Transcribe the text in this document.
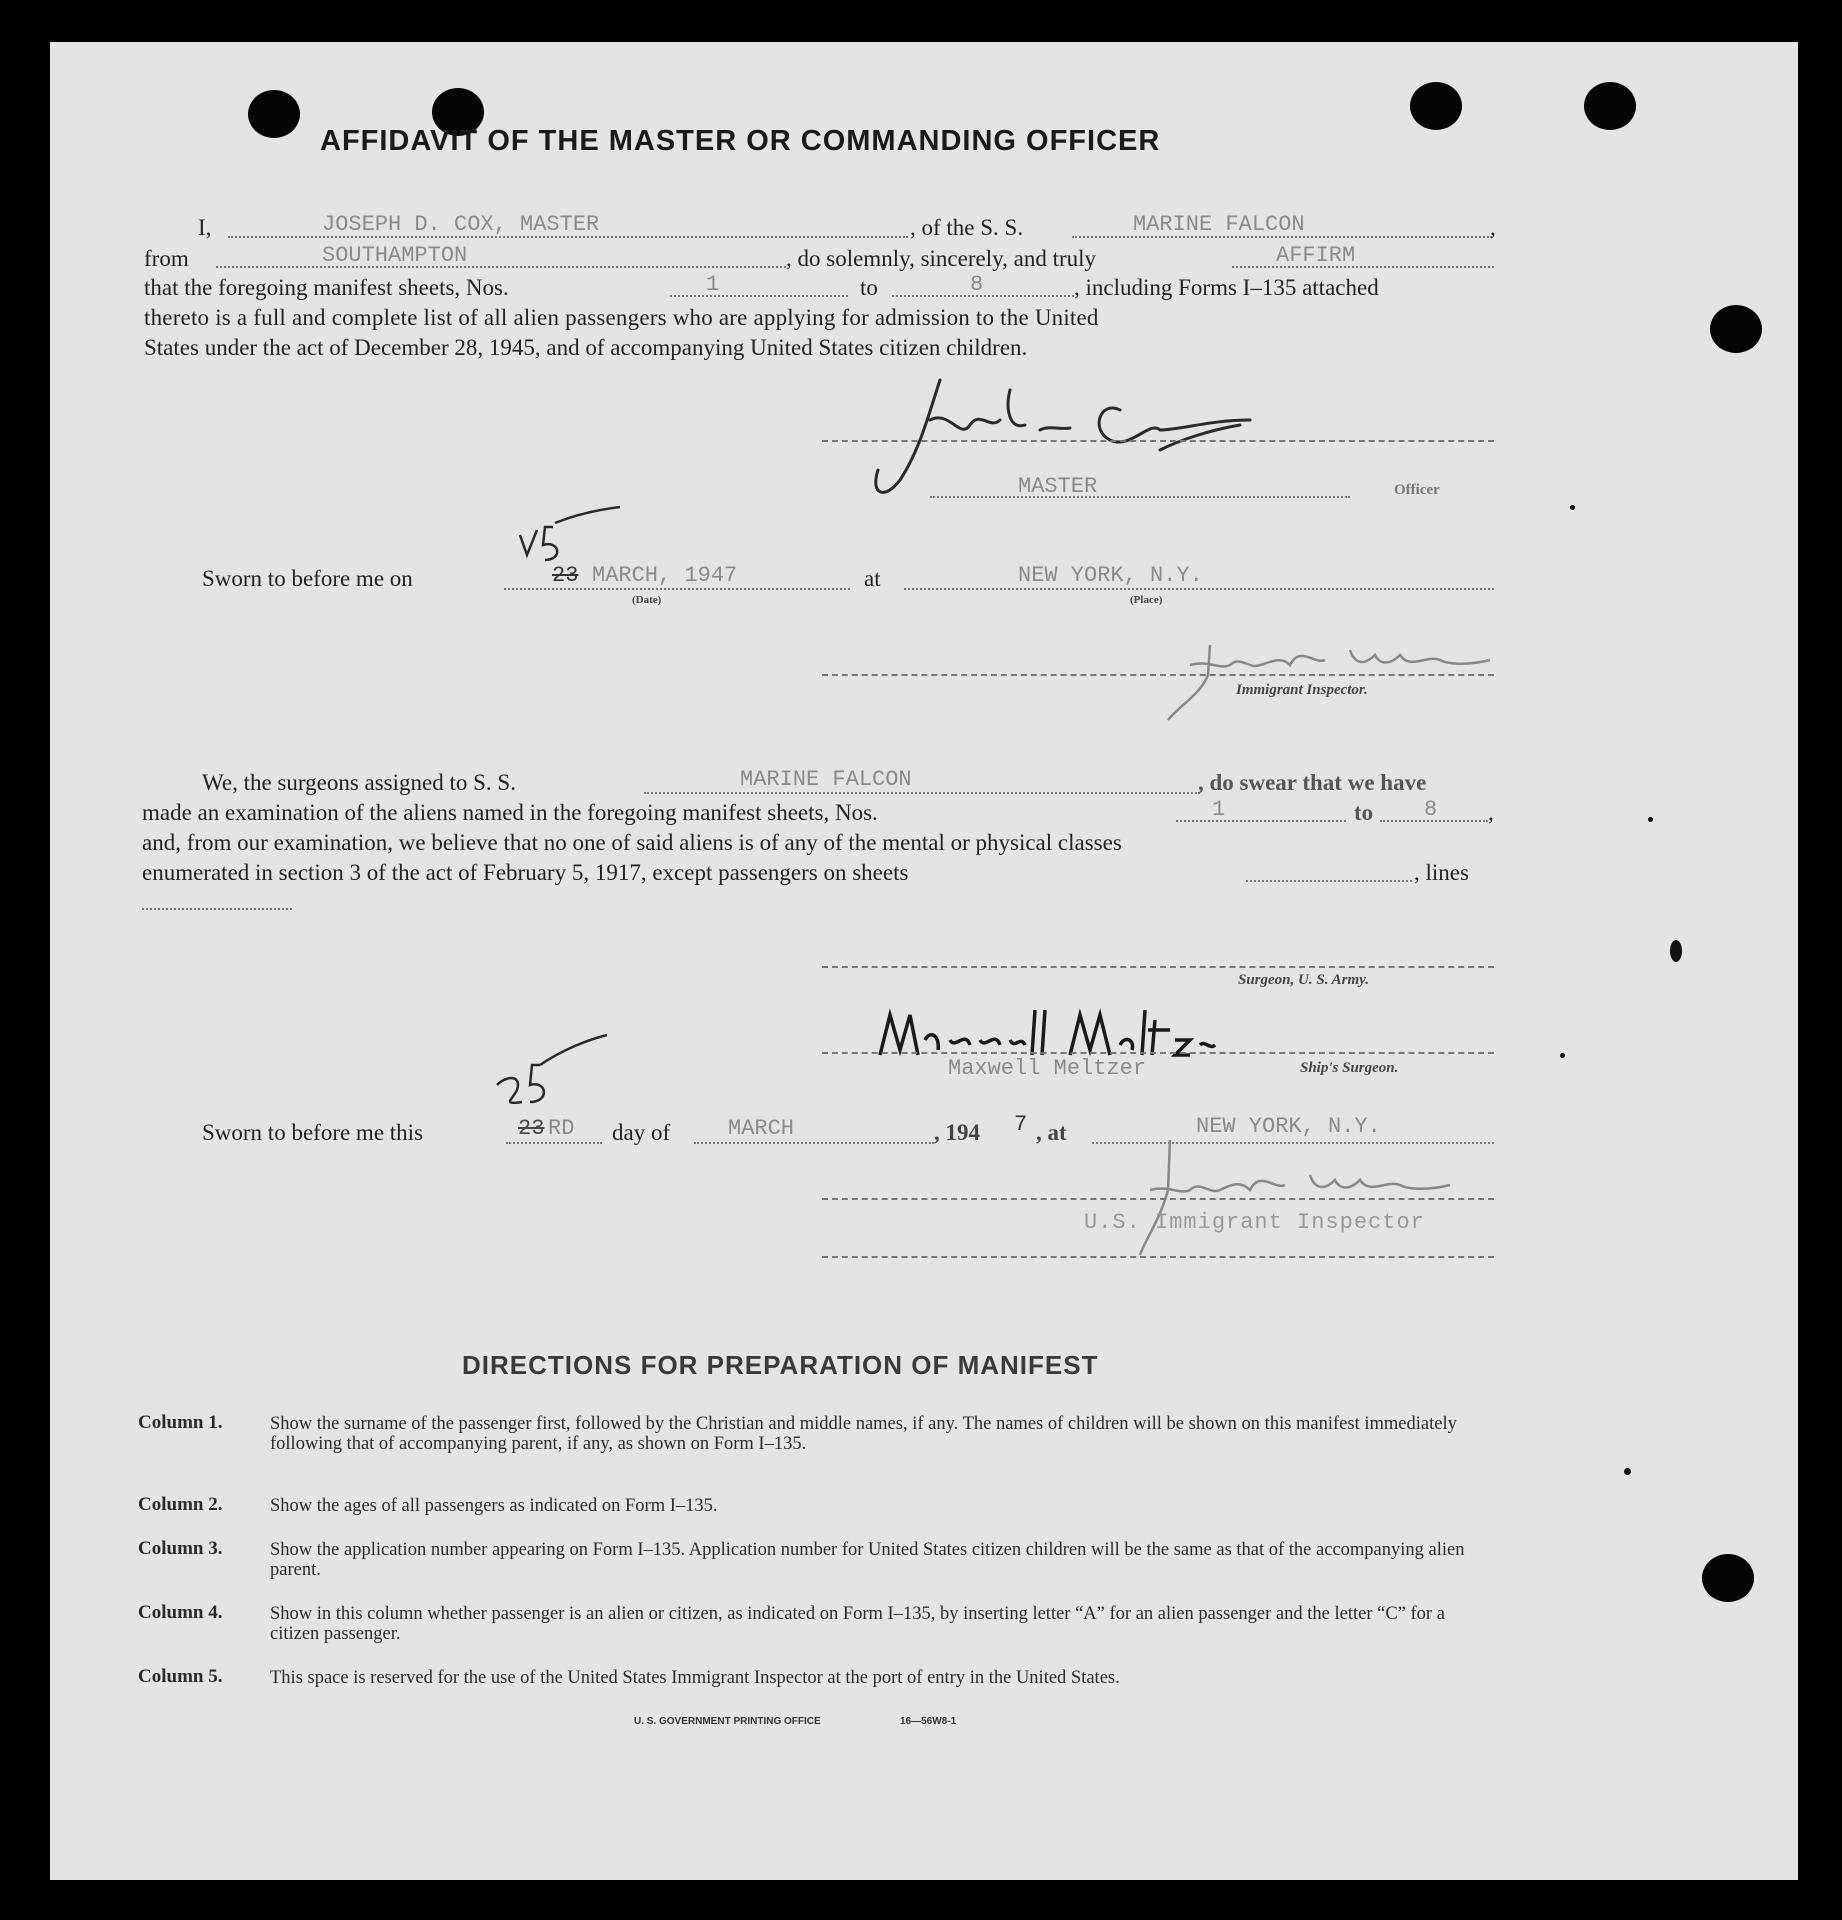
AFFIDAVIT OF THE MASTER OR COMMANDING OFFICER
I,	JOSEPH D. COX, MASTER	, of the S. S.	MARINE FALCON	,
from	SOUTHAMPTON	, do solemnly, sincerely, and truly	AFFIRM
that the foregoing manifest sheets, Nos.	1	to	8	, including Forms I–135 attached
thereto is a full and complete list of all alien passengers who are applying for admission to the United
States under the act of December 28, 1945, and of accompanying United States citizen children.
MASTER	Officer
Sworn to before me on	23 MARCH, 1947
(Date)
at	NEW YORK, N.Y.
(Place)
Immigrant Inspector.
We, the surgeons assigned to S. S.	MARINE FALCON	, do swear that we have
made an examination of the aliens named in the foregoing manifest sheets, Nos.	1	to 8 ,
and, from our examination, we believe that no one of said aliens is of any of the mental or physical classes
enumerated in section 3 of the act of February 5, 1917, except passengers on sheets	, lines
Surgeon, U. S. Army.
Maxwell Meltzer	Ship's Surgeon.
Sworn to before me this	23 RD day of	MARCH	, 194 7 , at	NEW YORK, N.Y.
U.S. Immigrant Inspector
DIRECTIONS FOR PREPARATION OF MANIFEST
Column 1.	Show the surname of the passenger first, followed by the Christian and middle names, if any. The names of children will be shown on this manifest immediately following that of accompanying parent, if any, as shown on Form I–135.
Column 2.	Show the ages of all passengers as indicated on Form I–135.
Column 3.	Show the application number appearing on Form I–135. Application number for United States citizen children will be the same as that of the accompanying alien parent.
Column 4.	Show in this column whether passenger is an alien or citizen, as indicated on Form I–135, by inserting letter “A” for an alien passenger and the letter “C” for a citizen passenger.
Column 5.	This space is reserved for the use of the United States Immigrant Inspector at the port of entry in the United States.
U. S. GOVERNMENT PRINTING OFFICE	16—56W8-1
